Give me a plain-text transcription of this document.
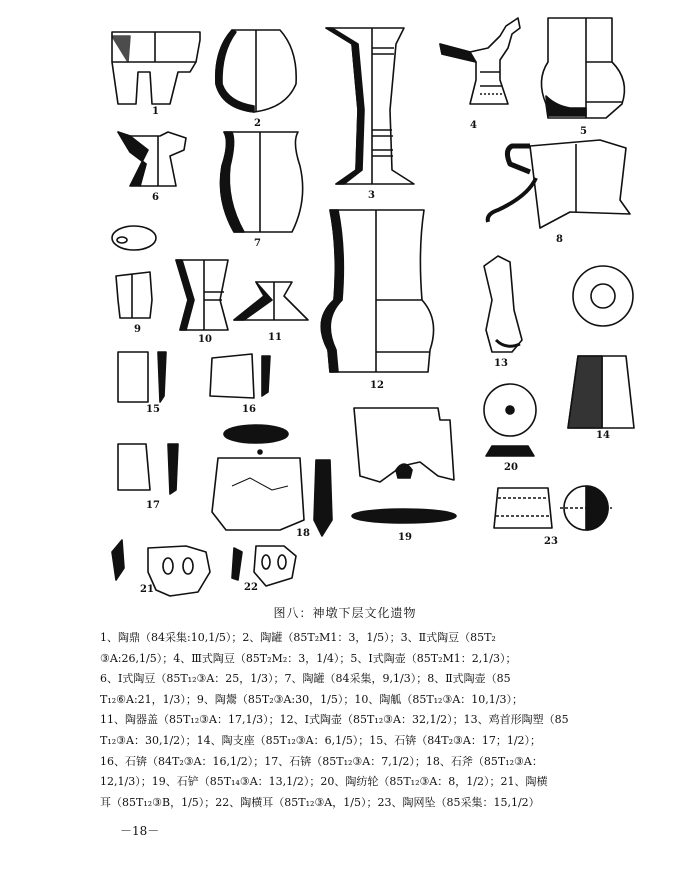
1
2
3
4
5
6
7	8
9
10	11
12
13
14
15	16
17
18	19
20
23
21	22
图八：神墩下层文化遗物

1、陶鼎（84采集:10,1/5）；2、陶罐（85T₂M1：3，1/5）；3、Ⅱ式陶豆（85T₂

③A:26,1/5）；4、Ⅲ式陶豆（85T₂M₂：3，1/4）；5、Ⅰ式陶壶（85T₂M1：2,1/3）；

6、Ⅰ式陶豆（85T₁₂③A：25，1/3）；7、陶罐（84采集，9,1/3）；8、Ⅱ式陶壶（85

T₁₂⑥A:21，1/3）；9、陶鬶（85T₂③A:30，1/5）；10、陶觚（85T₁₂③A：10,1/3）；

11、陶器盖（85T₁₂③A：17,1/3）；12、Ⅰ式陶壶（85T₁₂③A：32,1/2）；13、鸡首形陶塑（85

T₁₂③A：30,1/2）；14、陶支座（85T₁₂③A：6,1/5）；15、石锛（84T₂③A：17；1/2）；

16、石锛（84T₂③A：16,1/2）；17、石锛（85T₁₂③A：7,1/2）；18、石斧（85T₁₂③A：

12,1/3）；19、石铲（85T₁₄③A：13,1/2）；20、陶纺轮（85T₁₂③A：8，1/2）；21、陶横

耳（85T₁₂③B，1/5）；22、陶横耳（85T₁₂③A，1/5）；23、陶网坠（85采集：15,1/2）

－18－
